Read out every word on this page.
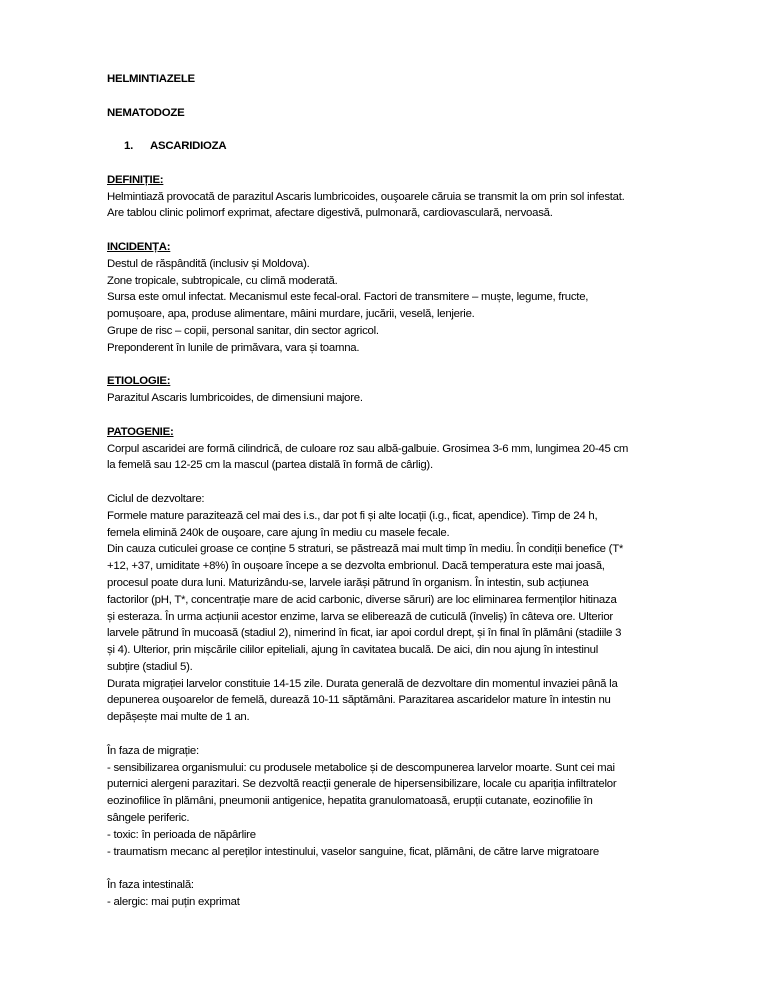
HELMINTIAZELE
NEMATODOZE
1. ASCARIDIOZA
DEFINIȚIE:
Helmintiază provocată de parazitul Ascaris lumbricoides, ouşoarele căruia se transmit la om prin sol infestat.
Are tablou clinic polimorf exprimat, afectare digestivă, pulmonară, cardiovasculară, nervoasă.
INCIDENȚA:
Destul de răspândită (inclusiv și Moldova).
Zone tropicale, subtropicale, cu climă moderată.
Sursa este omul infectat. Mecanismul este fecal-oral. Factori de transmitere – muște, legume, fructe,
pomușoare, apa, produse alimentare, mâini murdare, jucării, veselă, lenjerie.
Grupe de risc – copii, personal sanitar, din sector agricol.
Preponderent în lunile de primăvara, vara și toamna.
ETIOLOGIE:
Parazitul Ascaris lumbricoides, de dimensiuni majore.
PATOGENIE:
Corpul ascaridei are formă cilindrică, de culoare roz sau albă-galbuie. Grosimea 3-6 mm, lungimea 20-45 cm
la femelă sau 12-25 cm la mascul (partea distală în formă de cârlig).
Ciclul de dezvoltare:
Formele mature parazitează cel mai des i.s., dar pot fi și alte locații (i.g., ficat, apendice). Timp de 24 h,
femela elimină 240k de ouşoare, care ajung în mediu cu masele fecale.
Din cauza cuticulei groase ce conține 5 straturi, se păstrează mai mult timp în mediu. În condiții benefice (T*
+12, +37, umiditate +8%) în oușoare începe a se dezvolta embrionul. Dacă temperatura este mai joasă,
procesul poate dura luni. Maturizându-se, larvele iarăși pătrund în organism. În intestin, sub acțiunea
factorilor (pH, T*, concentrație mare de acid carbonic, diverse săruri) are loc eliminarea fermenților hitinaza
și esteraza. În urma acțiunii acestor enzime, larva se eliberează de cuticulă (înveliș) în câteva ore. Ulterior
larvele pătrund în mucoasă (stadiul 2), nimerind în ficat, iar apoi cordul drept, și în final în plămâni (stadiile 3
și 4). Ulterior, prin mișcările cililor epiteliali, ajung în cavitatea bucală. De aici, din nou ajung în intestinul
subțire (stadiul 5).
Durata migrației larvelor constituie 14-15 zile. Durata generală de dezvoltare din momentul invaziei până la
depunerea ouşoarelor de femelă, durează 10-11 săptămâni. Parazitarea ascaridelor mature în intestin nu
depășește mai multe de 1 an.
În faza de migrație:
- sensibilizarea organismului: cu produsele metabolice și de descompunerea larvelor moarte. Sunt cei mai
puternici alergeni parazitari. Se dezvoltă reacții generale de hipersensibilizare, locale cu apariția infiltratelor
eozinofilice în plămâni, pneumonii antigenice, hepatita granulomatoasă, erupții cutanate, eozinofilie în
sângele periferic.
- toxic: în perioada de năpârlire
- traumatism mecanc al pereților intestinului, vaselor sanguine, ficat, plămâni, de către larve migratoare
În faza intestinală:
- alergic: mai puțin exprimat
